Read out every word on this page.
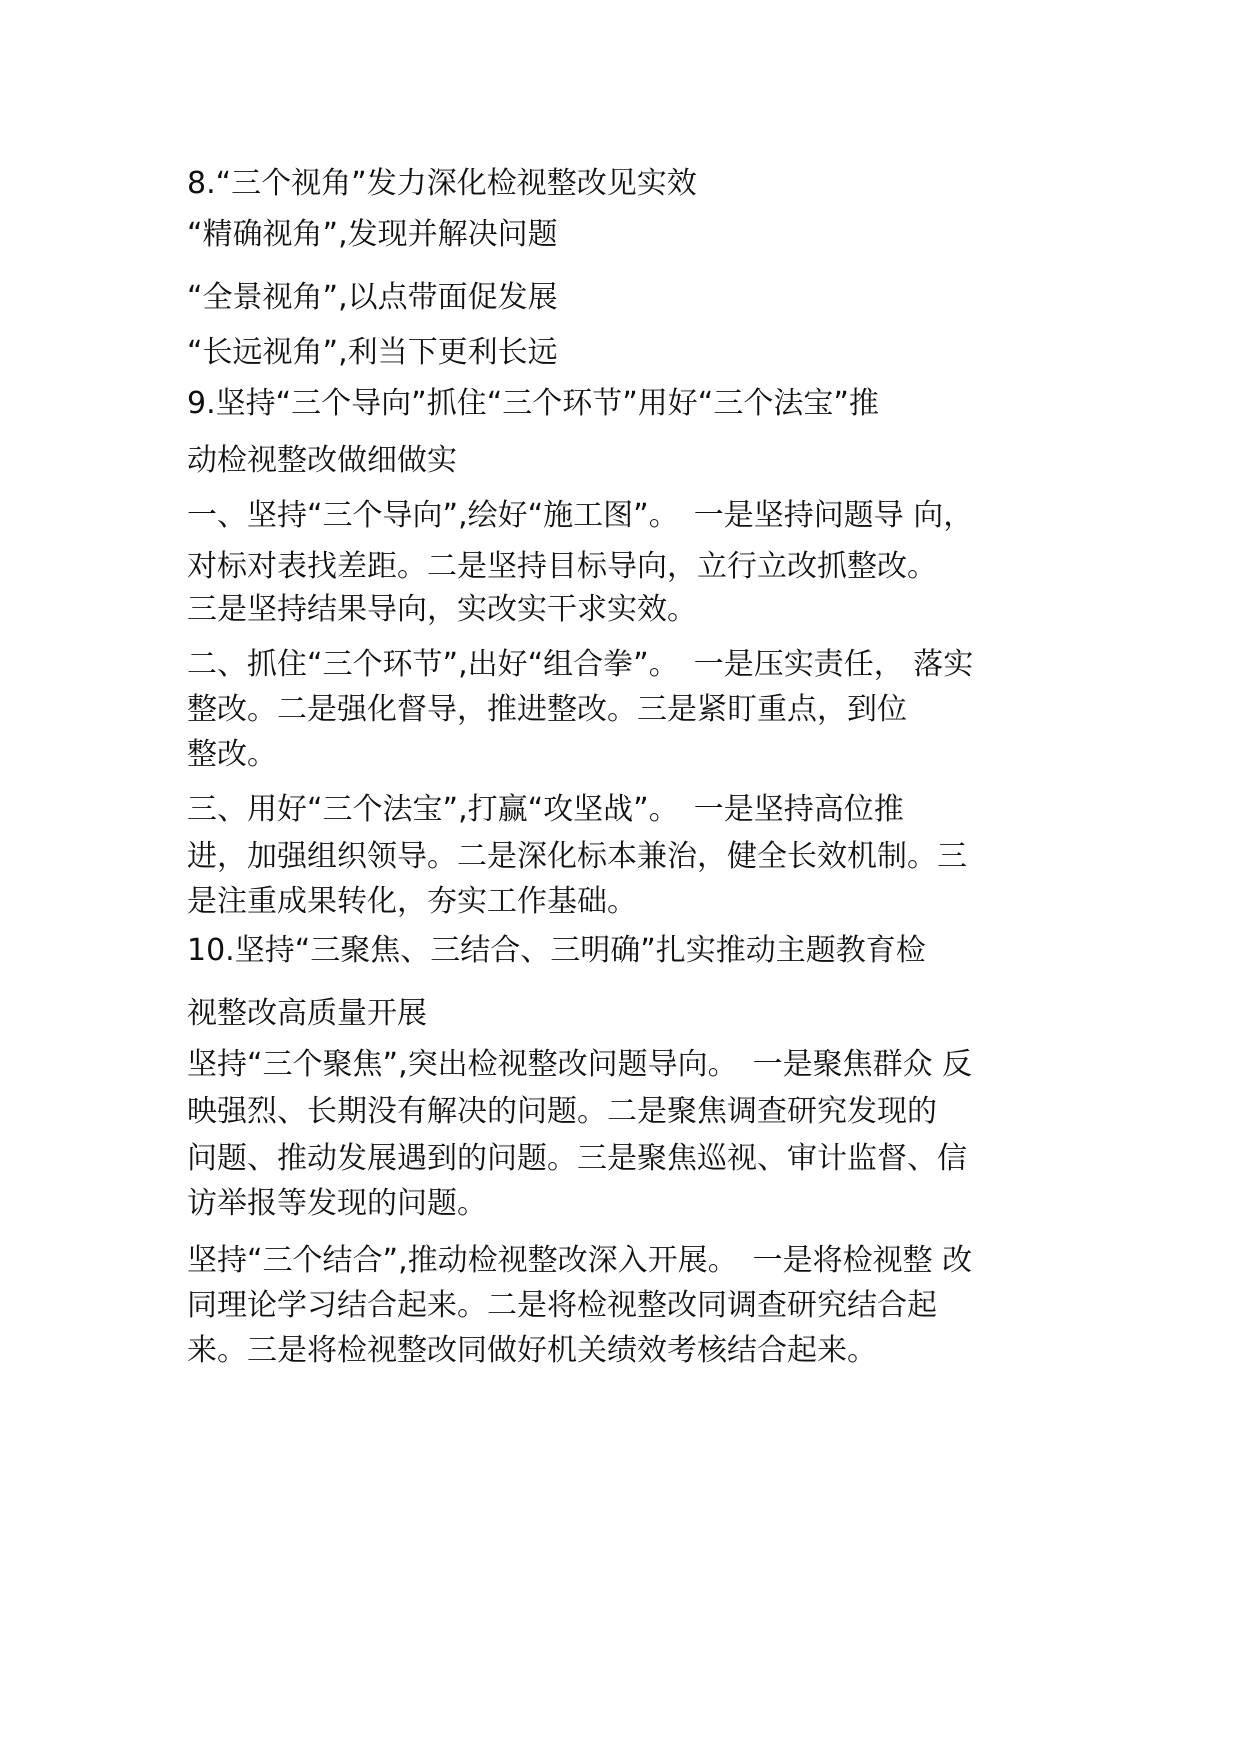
8.“三个视角”发力深化检视整改见实效
“精确视角”,发现并解决问题
“全景视角”,以点带面促发展
“长远视角”,利当下更利长远
9.坚持“三个导向”抓住“三个环节”用好“三个法宝”推
动检视整改做细做实
一、坚持“三个导向”,绘好“施工图”。　一是坚持问题导 向，
对标对表找差距。二是坚持目标导向，立行立改抓整改。
三是坚持结果导向，实改实干求实效。
二、抓住“三个环节”,出好“组合拳”。　一是压实责任， 落实
整改。二是强化督导，推进整改。三是紧盯重点，到位
整改。
三、用好“三个法宝”,打赢“攻坚战”。　一是坚持高位推
进，加强组织领导。二是深化标本兼治，健全长效机制。三
是注重成果转化，夯实工作基础。
10.坚持“三聚焦、三结合、三明确”扎实推动主题教育检
视整改高质量开展
坚持“三个聚焦”,突出检视整改问题导向。　一是聚焦群众 反
映强烈、长期没有解决的问题。二是聚焦调查研究发现的
问题、推动发展遇到的问题。三是聚焦巡视、审计监督、信
访举报等发现的问题。
坚持“三个结合”,推动检视整改深入开展。　一是将检视整 改
同理论学习结合起来。二是将检视整改同调查研究结合起
来。三是将检视整改同做好机关绩效考核结合起来。
